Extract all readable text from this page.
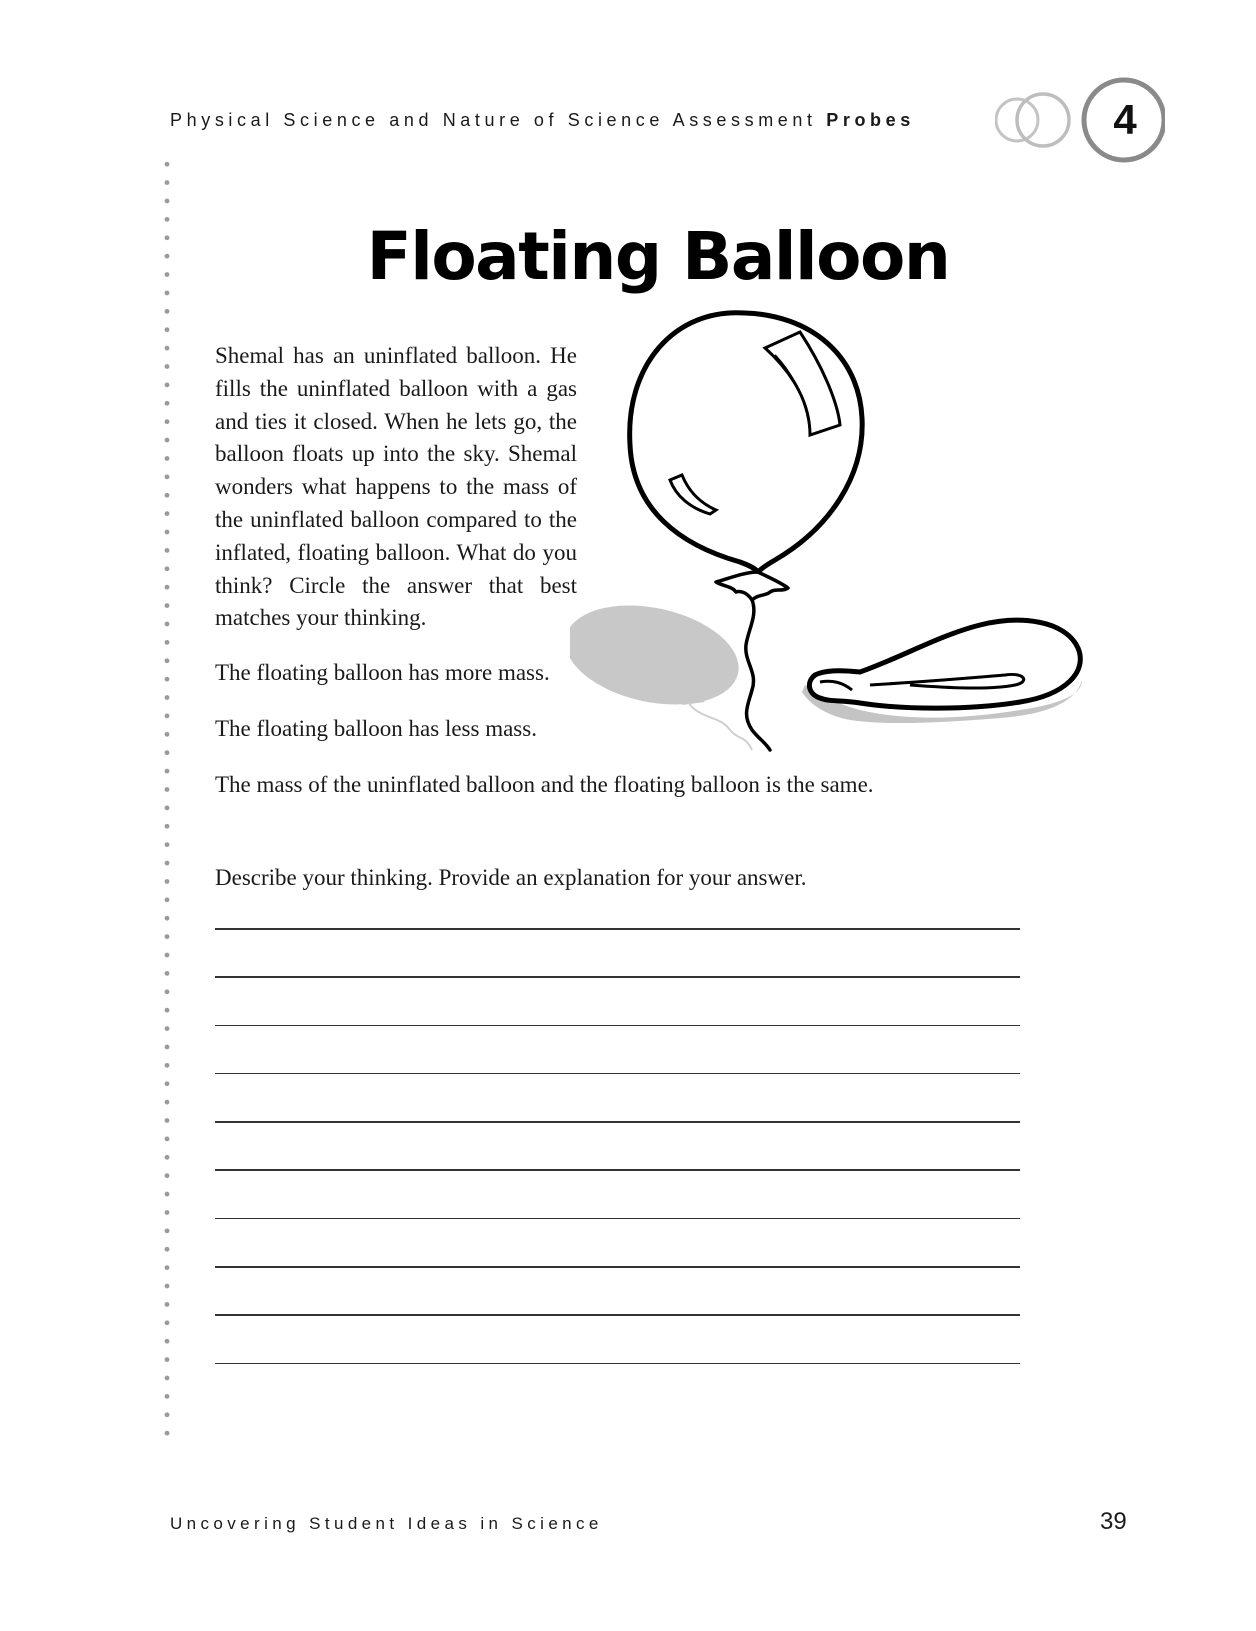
Physical Science and Nature of Science Assessment Probes	4
Floating Balloon

Shemal has an uninflated balloon. He fills the uninflated balloon with a gas and ties it closed. When he lets go, the balloon floats up into the sky. Shemal wonders what happens to the mass of the uninflated balloon compared to the inflated, floating balloon. What do you think? Circle the answer that best matches your thinking.

The floating balloon has more mass.

The floating balloon has less mass.

The mass of the uninflated balloon and the floating balloon is the same.

Describe your thinking. Provide an explanation for your answer.

Uncovering Student Ideas in Science	39
